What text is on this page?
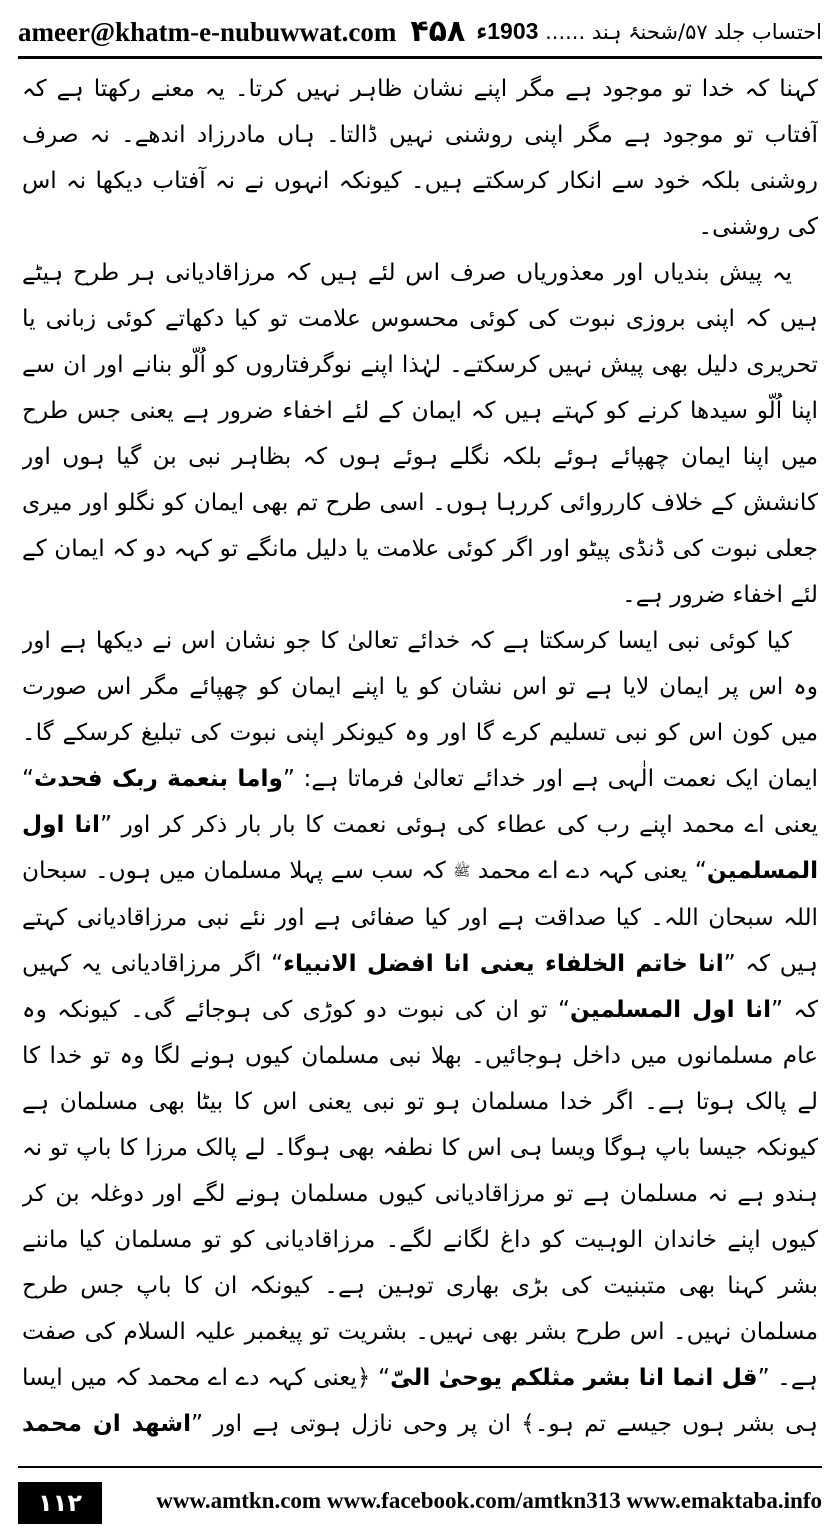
ameer@khatm-e-nubuwwat.com ۴۵۸	احتساب جلد ۵۷/شحنۂ ہند ...... 1903ء

کہنا کہ خدا تو موجود ہے مگر اپنے نشان ظاہر نہیں کرتا۔ یہ معنے رکھتا ہے کہ آفتاب تو موجود ہے مگر اپنی روشنی نہیں ڈالتا۔ ہاں مادرزاد اندھے۔ نہ صرف روشنی بلکہ خود سے انکار کرسکتے ہیں۔ کیونکہ انہوں نے نہ آفتاب دیکھا نہ اس کی روشنی۔

یہ پیش بندیاں اور معذوریاں صرف اس لئے ہیں کہ مرزاقادیانی ہر طرح ہیٹے ہیں کہ اپنی بروزی نبوت کی کوئی محسوس علامت تو کیا دکھاتے کوئی زبانی یا تحریری دلیل بھی پیش نہیں کرسکتے۔ لہٰذا اپنے نوگرفتاروں کو اُلّو بنانے اور ان سے اپنا اُلّو سیدھا کرنے کو کہتے ہیں کہ ایمان کے لئے اخفاء ضرور ہے یعنی جس طرح میں اپنا ایمان چھپائے ہوئے بلکہ نگلے ہوئے ہوں کہ بظاہر نبی بن گیا ہوں اور کانشش کے خلاف کارروائی کررہا ہوں۔ اسی طرح تم بھی ایمان کو نگلو اور میری جعلی نبوت کی ڈنڈی پیٹو اور اگر کوئی علامت یا دلیل مانگے تو کہہ دو کہ ایمان کے لئے اخفاء ضرور ہے۔

کیا کوئی نبی ایسا کرسکتا ہے کہ خدائے تعالیٰ کا جو نشان اس نے دیکھا ہے اور وہ اس پر ایمان لایا ہے تو اس نشان کو یا اپنے ایمان کو چھپائے مگر اس صورت میں کون اس کو نبی تسلیم کرے گا اور وہ کیونکر اپنی نبوت کی تبلیغ کرسکے گا۔ ایمان ایک نعمت الٰہی ہے اور خدائے تعالیٰ فرماتا ہے: ”واما بنعمة ربک فحدث“ یعنی اے محمد اپنے رب کی عطاء کی ہوئی نعمت کا بار بار ذکر کر اور ”انا اول المسلمین“ یعنی کہہ دے اے محمد ﷺ کہ سب سے پہلا مسلمان میں ہوں۔ سبحان اللہ سبحان اللہ۔ کیا صداقت ہے اور کیا صفائی ہے اور نئے نبی مرزاقادیانی کہتے ہیں کہ ”انا خاتم الخلفاء یعنی انا افضل الانبیاء“ اگر مرزاقادیانی یہ کہیں کہ ”انا اول المسلمین“ تو ان کی نبوت دو کوڑی کی ہوجائے گی۔ کیونکہ وہ عام مسلمانوں میں داخل ہوجائیں۔ بھلا نبی مسلمان کیوں ہونے لگا وہ تو خدا کا لے پالک ہوتا ہے۔ اگر خدا مسلمان ہو تو نبی یعنی اس کا بیٹا بھی مسلمان ہے کیونکہ جیسا باپ ہوگا ویسا ہی اس کا نطفہ بھی ہوگا۔ لے پالک مرزا کا باپ تو نہ ہندو ہے نہ مسلمان ہے تو مرزاقادیانی کیوں مسلمان ہونے لگے اور دوغلہ بن کر کیوں اپنے خاندان الوہیت کو داغ لگانے لگے۔ مرزاقادیانی کو تو مسلمان کیا ماننے بشر کہنا بھی متبنیت کی بڑی بھاری توہین ہے۔ کیونکہ ان کا باپ جس طرح مسلمان نہیں۔ اس طرح بشر بھی نہیں۔ بشریت تو پیغمبر علیہ السلام کی صفت ہے۔ ”قل انما انا بشر مثلکم یوحیٰ الیّ“ ﴿یعنی کہہ دے اے محمد کہ میں ایسا ہی بشر ہوں جیسے تم ہو۔﴾ ان پر وحی نازل ہوتی ہے اور ”اشهد ان محمد

۱۱۲	www.amtkn.com www.facebook.com/amtkn313 www.emaktaba.info
